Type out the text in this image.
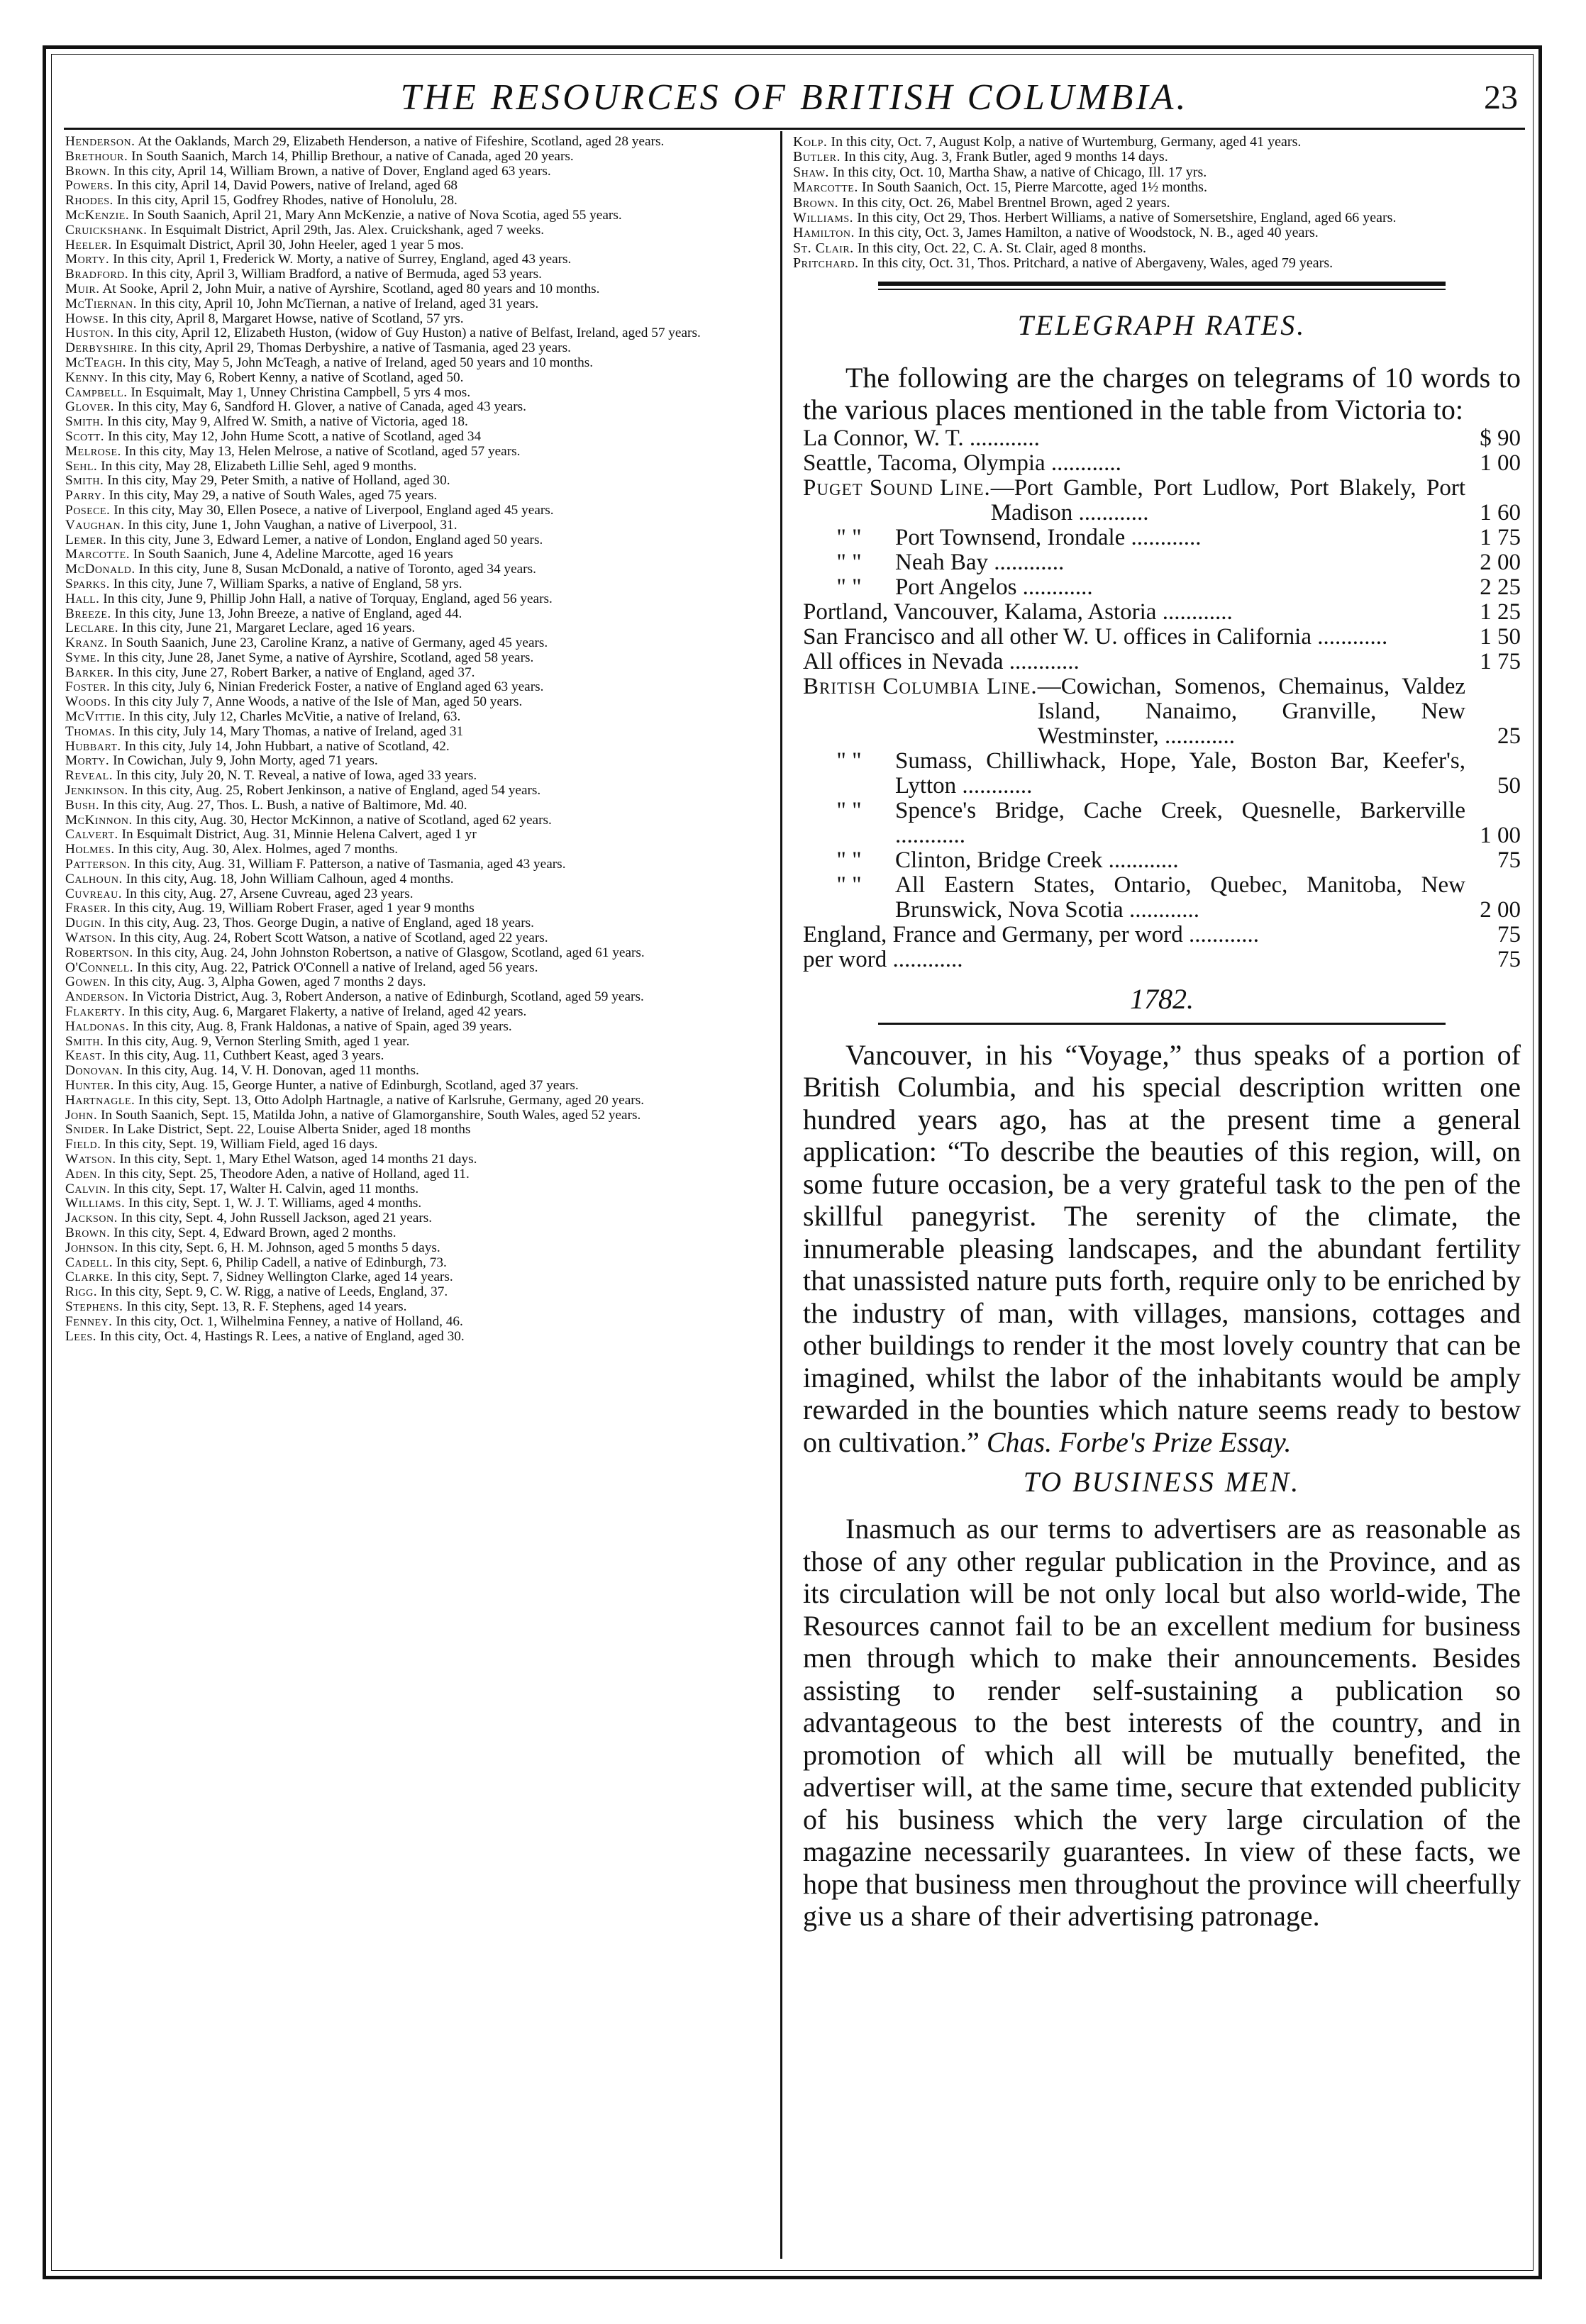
THE RESOURCES OF BRITISH COLUMBIA.	23
Henderson. At the Oaklands, March 29, Elizabeth Henderson, a native of Fifeshire, Scotland, aged 28 years.
Brethour. In South Saanich, March 14, Phillip Brethour, a native of Canada, aged 20 years.
Brown. In this city, April 14, William Brown, a native of Dover, England aged 63 years.
Powers. In this city, April 14, David Powers, native of Ireland, aged 68
Rhodes. In this city, April 15, Godfrey Rhodes, native of Honolulu, 28.
McKenzie. In South Saanich, April 21, Mary Ann McKenzie, a native of Nova Scotia, aged 55 years.
Cruickshank. In Esquimalt District, April 29th, Jas. Alex. Cruickshank, aged 7 weeks.
Heeler. In Esquimalt District, April 30, John Heeler, aged 1 year 5 mos.
Morty. In this city, April 1, Frederick W. Morty, a native of Surrey, England, aged 43 years.
Bradford. In this city, April 3, William Bradford, a native of Bermuda, aged 53 years.
Muir. At Sooke, April 2, John Muir, a native of Ayrshire, Scotland, aged 80 years and 10 months.
McTiernan. In this city, April 10, John McTiernan, a native of Ireland, aged 31 years.
Howse. In this city, April 8, Margaret Howse, native of Scotland, 57 yrs.
Huston. In this city, April 12, Elizabeth Huston, (widow of Guy Huston) a native of Belfast, Ireland, aged 57 years.
Derbyshire. In this city, April 29, Thomas Derbyshire, a native of Tasmania, aged 23 years.
McTeagh. In this city, May 5, John McTeagh, a native of Ireland, aged 50 years and 10 months.
Kenny. In this city, May 6, Robert Kenny, a native of Scotland, aged 50.
Campbell. In Esquimalt, May 1, Unney Christina Campbell, 5 yrs 4 mos.
Glover. In this city, May 6, Sandford H. Glover, a native of Canada, aged 43 years.
Smith. In this city, May 9, Alfred W. Smith, a native of Victoria, aged 18.
Scott. In this city, May 12, John Hume Scott, a native of Scotland, aged 34
Melrose. In this city, May 13, Helen Melrose, a native of Scotland, aged 57 years.
Sehl. In this city, May 28, Elizabeth Lillie Sehl, aged 9 months.
Smith. In this city, May 29, Peter Smith, a native of Holland, aged 30.
Parry. In this city, May 29, a native of South Wales, aged 75 years.
Posece. In this city, May 30, Ellen Posece, a native of Liverpool, England aged 45 years.
Vaughan. In this city, June 1, John Vaughan, a native of Liverpool, 31.
Lemer. In this city, June 3, Edward Lemer, a native of London, England aged 50 years.
Marcotte. In South Saanich, June 4, Adeline Marcotte, aged 16 years
McDonald. In this city, June 8, Susan McDonald, a native of Toronto, aged 34 years.
Sparks. In this city, June 7, William Sparks, a native of England, 58 yrs.
Hall. In this city, June 9, Phillip John Hall, a native of Torquay, England, aged 56 years.
Breeze. In this city, June 13, John Breeze, a native of England, aged 44.
Leclare. In this city, June 21, Margaret Leclare, aged 16 years.
Kranz. In South Saanich, June 23, Caroline Kranz, a native of Germany, aged 45 years.
Syme. In this city, June 28, Janet Syme, a native of Ayrshire, Scotland, aged 58 years.
Barker. In this city, June 27, Robert Barker, a native of England, aged 37.
Foster. In this city, July 6, Ninian Frederick Foster, a native of England aged 63 years.
Woods. In this city July 7, Anne Woods, a native of the Isle of Man, aged 50 years.
McVittie. In this city, July 12, Charles McVitie, a native of Ireland, 63.
Thomas. In this city, July 14, Mary Thomas, a native of Ireland, aged 31
Hubbart. In this city, July 14, John Hubbart, a native of Scotland, 42.
Morty. In Cowichan, July 9, John Morty, aged 71 years.
Reveal. In this city, July 20, N. T. Reveal, a native of Iowa, aged 33 years.
Jenkinson. In this city, Aug. 25, Robert Jenkinson, a native of England, aged 54 years.
Bush. In this city, Aug. 27, Thos. L. Bush, a native of Baltimore, Md. 40.
McKinnon. In this city, Aug. 30, Hector McKinnon, a native of Scotland, aged 62 years.
Calvert. In Esquimalt District, Aug. 31, Minnie Helena Calvert, aged 1 yr
Holmes. In this city, Aug. 30, Alex. Holmes, aged 7 months.
Patterson. In this city, Aug. 31, William F. Patterson, a native of Tasmania, aged 43 years.
Calhoun. In this city, Aug. 18, John William Calhoun, aged 4 months.
Cuvreau. In this city, Aug. 27, Arsene Cuvreau, aged 23 years.
Fraser. In this city, Aug. 19, William Robert Fraser, aged 1 year 9 months
Dugin. In this city, Aug. 23, Thos. George Dugin, a native of England, aged 18 years.
Watson. In this city, Aug. 24, Robert Scott Watson, a native of Scotland, aged 22 years.
Robertson. In this city, Aug. 24, John Johnston Robertson, a native of Glasgow, Scotland, aged 61 years.
O'Connell. In this city, Aug. 22, Patrick O'Connell a native of Ireland, aged 56 years.
Gowen. In this city, Aug. 3, Alpha Gowen, aged 7 months 2 days.
Anderson. In Victoria District, Aug. 3, Robert Anderson, a native of Edinburgh, Scotland, aged 59 years.
Flakerty. In this city, Aug. 6, Margaret Flakerty, a native of Ireland, aged 42 years.
Haldonas. In this city, Aug. 8, Frank Haldonas, a native of Spain, aged 39 years.
Smith. In this city, Aug. 9, Vernon Sterling Smith, aged 1 year.
Keast. In this city, Aug. 11, Cuthbert Keast, aged 3 years.
Donovan. In this city, Aug. 14, V. H. Donovan, aged 11 months.
Hunter. In this city, Aug. 15, George Hunter, a native of Edinburgh, Scotland, aged 37 years.
Hartnagle. In this city, Sept. 13, Otto Adolph Hartnagle, a native of Karlsruhe, Germany, aged 20 years.
John. In South Saanich, Sept. 15, Matilda John, a native of Glamorganshire, South Wales, aged 52 years.
Snider. In Lake District, Sept. 22, Louise Alberta Snider, aged 18 months
Field. In this city, Sept. 19, William Field, aged 16 days.
Watson. In this city, Sept. 1, Mary Ethel Watson, aged 14 months 21 days.
Aden. In this city, Sept. 25, Theodore Aden, a native of Holland, aged 11.
Calvin. In this city, Sept. 17, Walter H. Calvin, aged 11 months.
Williams. In this city, Sept. 1, W. J. T. Williams, aged 4 months.
Jackson. In this city, Sept. 4, John Russell Jackson, aged 21 years.
Brown. In this city, Sept. 4, Edward Brown, aged 2 months.
Johnson. In this city, Sept. 6, H. M. Johnson, aged 5 months 5 days.
Cadell. In this city, Sept. 6, Philip Cadell, a native of Edinburgh, 73.
Clarke. In this city, Sept. 7, Sidney Wellington Clarke, aged 14 years.
Rigg. In this city, Sept. 9, C. W. Rigg, a native of Leeds, England, 37.
Stephens. In this city, Sept. 13, R. F. Stephens, aged 14 years.
Fenney. In this city, Oct. 1, Wilhelmina Fenney, a native of Holland, 46.
Lees. In this city, Oct. 4, Hastings R. Lees, a native of England, aged 30.
Kolp. In this city, Oct. 7, August Kolp, a native of Wurtemburg, Germany, aged 41 years.
Butler. In this city, Aug. 3, Frank Butler, aged 9 months 14 days.
Shaw. In this city, Oct. 10, Martha Shaw, a native of Chicago, Ill. 17 yrs.
Marcotte. In South Saanich, Oct. 15, Pierre Marcotte, aged 1½ months.
Brown. In this city, Oct. 26, Mabel Brentnel Brown, aged 2 years.
Williams. In this city, Oct 29, Thos. Herbert Williams, a native of Somersetshire, England, aged 66 years.
Hamilton. In this city, Oct. 3, James Hamilton, a native of Woodstock, N. B., aged 40 years.
St. Clair. In this city, Oct. 22, C. A. St. Clair, aged 8 months.
Pritchard. In this city, Oct. 31, Thos. Pritchard, a native of Abergaveny, Wales, aged 79 years.
TELEGRAPH RATES.
The following are the charges on telegrams of 10 words to the various places mentioned in the table from Victoria to:
La Connor, W. T. ............	$ 90
Seattle, Tacoma, Olympia ............	1 00
Puget Sound Line. —Port Gamble, Port Ludlow, Port Blakely, Port Madison ............	1 60
" "	Port Townsend, Irondale ............	1 75
" "	Neah Bay ............	2 00
" "	Port Angelos ............	2 25
Portland, Vancouver, Kalama, Astoria ............	1 25
San Francisco and all other W. U. offices in California ............	1 50
All offices in Nevada ............	1 75
British Columbia Line. —Cowichan, Somenos, Chemainus, Valdez Island, Nanaimo, Granville, New Westminster, ............	25
" "	Sumass, Chilliwhack, Hope, Yale, Boston Bar, Keefer's, Lytton ............	50
" "	Spence's Bridge, Cache Creek, Quesnelle, Barkerville ............	1 00
" "	Clinton, Bridge Creek ............	75
" "	All Eastern States, Ontario, Quebec, Manitoba, New Brunswick, Nova Scotia ............	2 00
England, France and Germany, per word ............	75
per word ............	75
1782.
Vancouver, in his “Voyage,” thus speaks of a portion of British Columbia, and his special description written one hundred years ago, has at the present time a general application: “To describe the beauties of this region, will, on some future occasion, be a very grateful task to the pen of the skillful panegyrist. The serenity of the climate, the innumerable pleasing landscapes, and the abundant fertility that unassisted nature puts forth, require only to be enriched by the industry of man, with villages, mansions, cottages and other buildings to render it the most lovely country that can be imagined, whilst the labor of the inhabitants would be amply rewarded in the bounties which nature seems ready to bestow on cultivation.” Chas. Forbe's Prize Essay.
TO BUSINESS MEN.
Inasmuch as our terms to advertisers are as reasonable as those of any other regular publication in the Province, and as its circulation will be not only local but also world-wide, The Resources cannot fail to be an excellent medium for business men through which to make their announcements. Besides assisting to render self-sustaining a publication so advantageous to the best interests of the country, and in promotion of which all will be mutually benefited, the advertiser will, at the same time, secure that extended publicity of his business which the very large circulation of the magazine necessarily guarantees. In view of these facts, we hope that business men throughout the province will cheerfully give us a share of their advertising patronage.
